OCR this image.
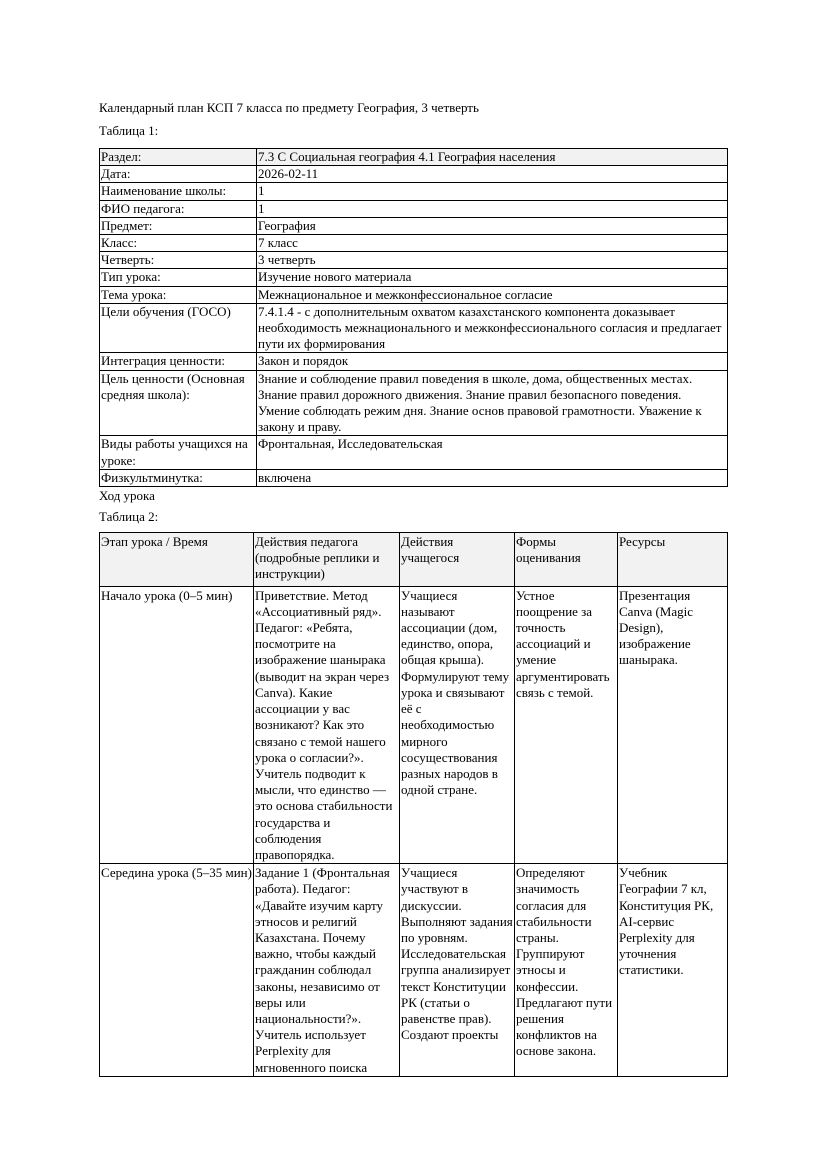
Календарный план КСП 7 класса по предмету География, 3 четверть

Таблица 1:

Раздел:	7.3 С Социальная география 4.1 География населения
Дата:	2026-02-11
Наименование школы:	1
ФИО педагога:	1
Предмет:	География
Класс:	7 класс
Четверть:	3 четверть
Тип урока:	Изучение нового материала
Тема урока:	Межнациональное и межконфессиональное согласие
Цели обучения (ГОСО)	7.4.1.4 - с дополнительным охватом казахстанского компонента доказывает необходимость межнационального и межконфессионального согласия и предлагает пути их формирования
Интеграция ценности:	Закон и порядок
Цель ценности (Основная средняя школа):	Знание и соблюдение правил поведения в школе, дома, общественных местах. Знание правил дорожного движения. Знание правил безопасного поведения. Умение соблюдать режим дня. Знание основ правовой грамотности. Уважение к закону и праву.
Виды работы учащихся на уроке:	Фронтальная, Исследовательская
Физкультминутка:	включена

Ход урока

Таблица 2:

Этап урока / Время	Действия педагога (подробные реплики и инструкции)	Действия учащегося	Формы оценивания	Ресурсы
Начало урока (0–5 мин)	Приветствие. Метод «Ассоциативный ряд». Педагог: «Ребята, посмотрите на изображение шанырака (выводит на экран через Canva). Какие ассоциации у вас возникают? Как это связано с темой нашего урока о согласии?». Учитель подводит к мысли, что единство — это основа стабильности государства и соблюдения правопорядка.	Учащиеся называют ассоциации (дом, единство, опора, общая крыша). Формулируют тему урока и связывают её с необходимостью мирного сосуществования разных народов в одной стране.	Устное поощрение за точность ассоциаций и умение аргументировать связь с темой.	Презентация Canva (Magic Design), изображение шанырака.
Середина урока (5–35 мин)	Задание 1 (Фронтальная работа). Педагог: «Давайте изучим карту этносов и религий Казахстана. Почему важно, чтобы каждый гражданин соблюдал законы, независимо от веры или национальности?». Учитель использует Perplexity для мгновенного поиска	Учащиеся участвуют в дискуссии. Выполняют задания по уровням. Исследовательская группа анализирует текст Конституции РК (статьи о равенстве прав). Создают проекты	Определяют значимость согласия для стабильности страны. Группируют этносы и конфессии. Предлагают пути решения конфликтов на основе закона.	Учебник Географии 7 кл, Конституция РК, AI-сервис Perplexity для уточнения статистики.
